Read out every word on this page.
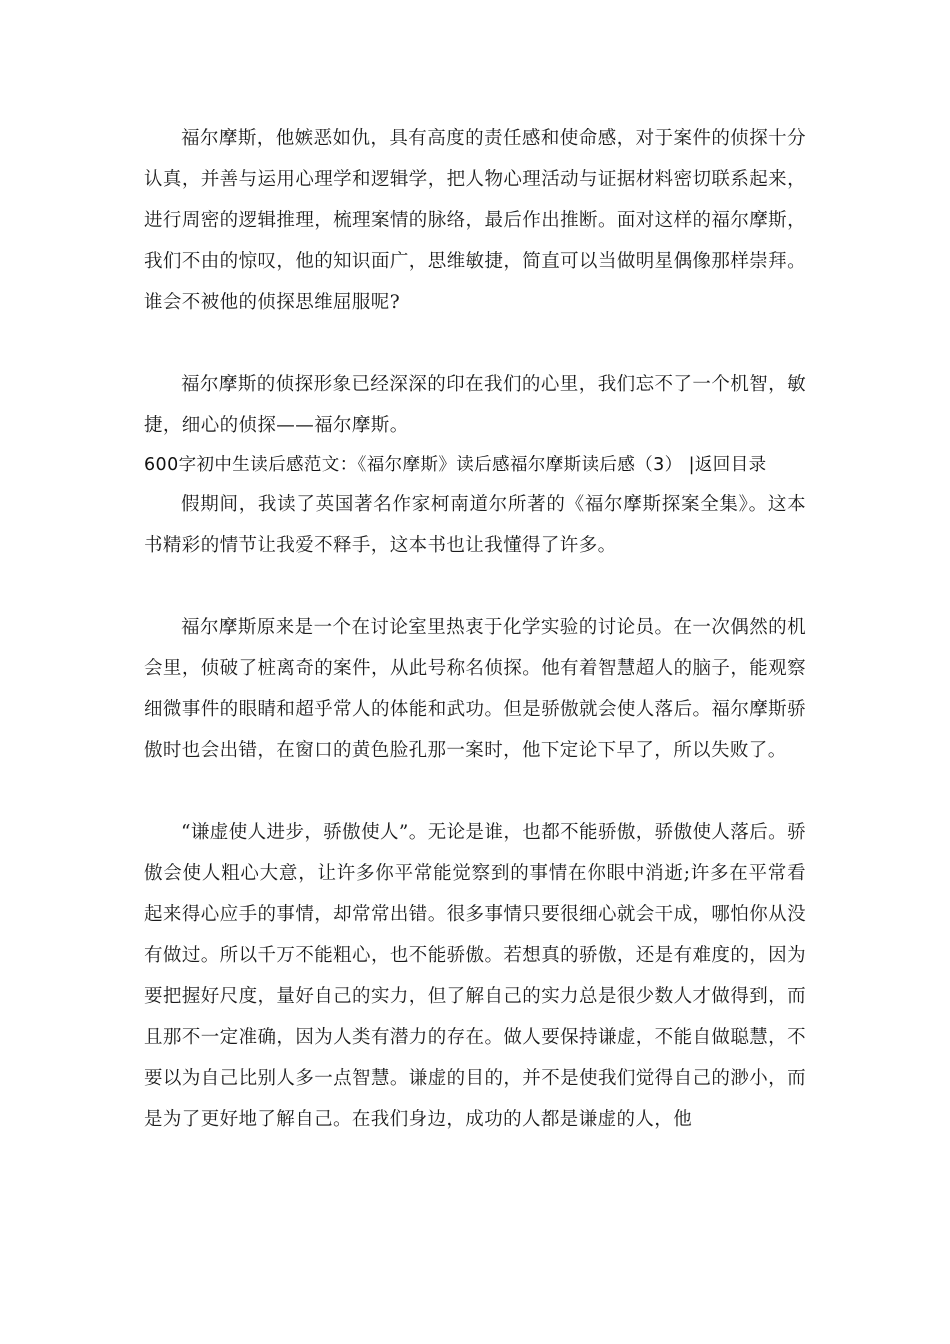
福尔摩斯，他嫉恶如仇，具有高度的责任感和使命感，对于案件的侦探十分认真，并善与运用心理学和逻辑学，把人物心理活动与证据材料密切联系起来，进行周密的逻辑推理，梳理案情的脉络，最后作出推断。面对这样的福尔摩斯，我们不由的惊叹，他的知识面广，思维敏捷，简直可以当做明星偶像那样崇拜。谁会不被他的侦探思维屈服呢?

福尔摩斯的侦探形象已经深深的印在我们的心里，我们忘不了一个机智，敏捷，细心的侦探——福尔摩斯。

600字初中生读后感范文：《福尔摩斯》读后感福尔摩斯读后感（3） |返回目录

假期间，我读了英国著名作家柯南道尔所著的《福尔摩斯探案全集》。这本书精彩的情节让我爱不释手，这本书也让我懂得了许多。

福尔摩斯原来是一个在讨论室里热衷于化学实验的讨论员。在一次偶然的机会里，侦破了桩离奇的案件，从此号称名侦探。他有着智慧超人的脑子，能观察细微事件的眼睛和超乎常人的体能和武功。但是骄傲就会使人落后。福尔摩斯骄傲时也会出错，在窗口的黄色脸孔那一案时，他下定论下早了，所以失败了。

“谦虚使人进步，骄傲使人”。无论是谁，也都不能骄傲，骄傲使人落后。骄傲会使人粗心大意，让许多你平常能觉察到的事情在你眼中消逝;许多在平常看起来得心应手的事情，却常常出错。很多事情只要很细心就会干成，哪怕你从没有做过。所以千万不能粗心，也不能骄傲。若想真的骄傲，还是有难度的，因为要把握好尺度，量好自己的实力，但了解自己的实力总是很少数人才做得到，而且那不一定准确，因为人类有潜力的存在。做人要保持谦虚，不能自做聪慧，不要以为自己比别人多一点智慧。谦虚的目的，并不是使我们觉得自己的渺小，而是为了更好地了解自己。在我们身边，成功的人都是谦虚的人，他
